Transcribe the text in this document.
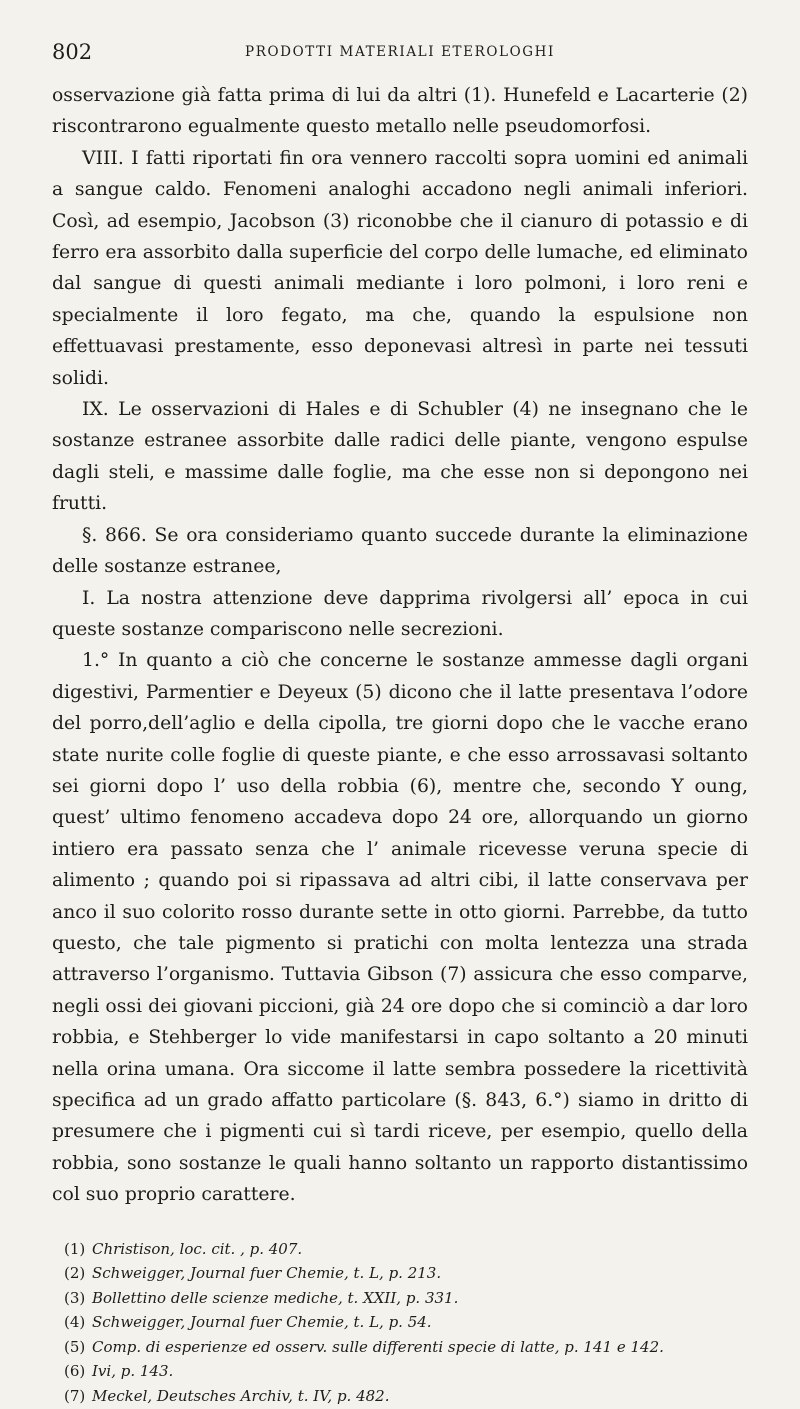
802	PRODOTTI MATERIALI ETEROLOGHI

osservazione già fatta prima di lui da altri (1). Hunefeld e Lacarterie (2) riscontrarono egualmente questo metallo nelle pseudomorfosi.

VIII. I fatti riportati fin ora vennero raccolti sopra uomini ed animali a sangue caldo. Fenomeni analoghi accadono negli animali inferiori. Così, ad esempio, Jacobson (3) riconobbe che il cianuro di potassio e di ferro era assorbito dalla superficie del corpo delle lumache, ed eliminato dal sangue di questi animali mediante i loro polmoni, i loro reni e specialmente il loro fegato, ma che, quando la espulsione non effettuavasi prestamente, esso deponevasi altresì in parte nei tessuti solidi.

IX. Le osservazioni di Hales e di Schubler (4) ne insegnano che le sostanze estranee assorbite dalle radici delle piante, vengono espulse dagli steli, e massime dalle foglie, ma che esse non si depongono nei frutti.

§. 866. Se ora consideriamo quanto succede durante la eliminazione delle sostanze estranee,

I. La nostra attenzione deve dapprima rivolgersi all’ epoca in cui queste sostanze compariscono nelle secrezioni.

1.° In quanto a ciò che concerne le sostanze ammesse dagli organi digestivi, Parmentier e Deyeux (5) dicono che il latte presentava l’odore del porro,dell’aglio e della cipolla, tre giorni dopo che le vacche erano state nurite colle foglie di queste piante, e che esso arrossavasi soltanto sei giorni dopo l’ uso della robbia (6), mentre che, secondo Y oung, quest’ ultimo fenomeno accadeva dopo 24 ore, allorquando un giorno intiero era passato senza che l’ animale ricevesse veruna specie di alimento ; quando poi si ripassava ad altri cibi, il latte conservava per anco il suo colorito rosso durante sette in otto giorni. Parrebbe, da tutto questo, che tale pigmento si pratichi con molta lentezza una strada attraverso l’organismo. Tuttavia Gibson (7) assicura che esso comparve, negli ossi dei giovani piccioni, già 24 ore dopo che si cominciò a dar loro robbia, e Stehberger lo vide manifestarsi in capo soltanto a 20 minuti nella orina umana. Ora siccome il latte sembra possedere la ricettività specifica ad un grado affatto particolare (§. 843, 6.°) siamo in dritto di presumere che i pigmenti cui sì tardi riceve, per esempio, quello della robbia, sono sostanze le quali hanno soltanto un rapporto distantissimo col suo proprio carattere.

(1) Christison, loc. cit. , p. 407.
(2) Schweigger, Journal fuer Chemie, t. L, p. 213.
(3) Bollettino delle scienze mediche, t. XXII, p. 331.
(4) Schweigger, Journal fuer Chemie, t. L, p. 54.
(5) Comp. di esperienze ed osserv. sulle differenti specie di latte, p. 141 e 142.
(6) Ivi, p. 143.
(7) Meckel, Deutsches Archiv, t. IV, p. 482.
